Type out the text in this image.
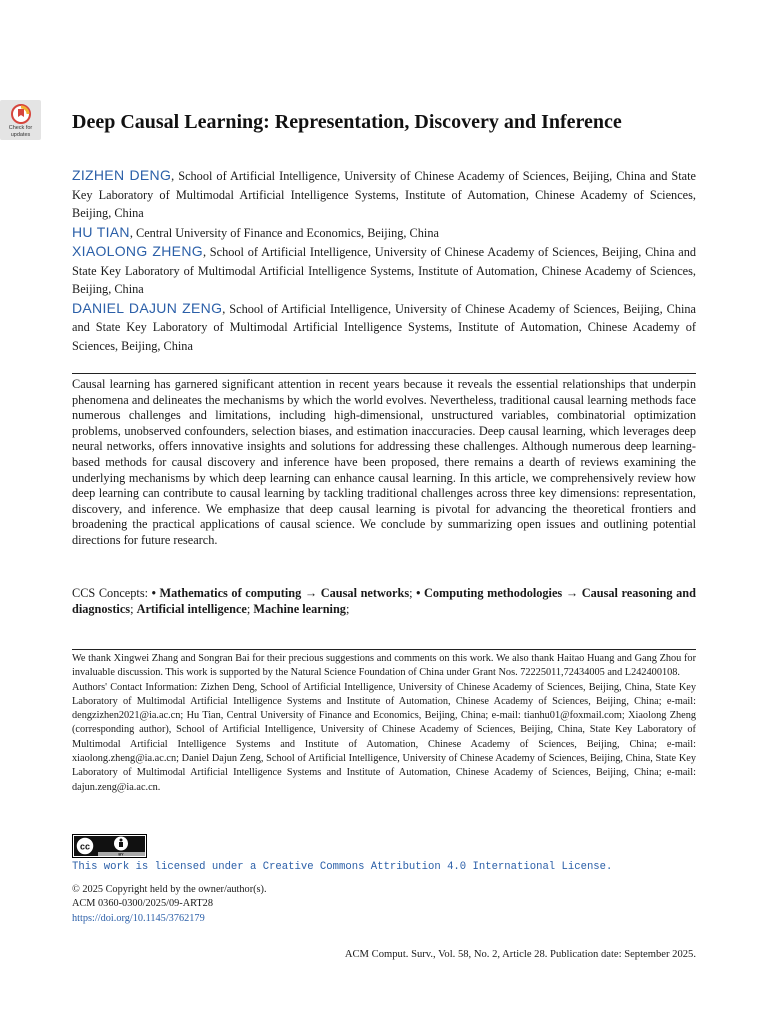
Check for
updates
Deep Causal Learning: Representation, Discovery and Inference

ZIZHEN DENG, School of Artificial Intelligence, University of Chinese Academy of Sciences, Beijing, China and State Key Laboratory of Multimodal Artificial Intelligence Systems, Institute of Automation, Chinese Academy of Sciences, Beijing, China

HU TIAN, Central University of Finance and Economics, Beijing, China

XIAOLONG ZHENG, School of Artificial Intelligence, University of Chinese Academy of Sciences, Beijing, China and State Key Laboratory of Multimodal Artificial Intelligence Systems, Institute of Automation, Chinese Academy of Sciences, Beijing, China

DANIEL DAJUN ZENG, School of Artificial Intelligence, University of Chinese Academy of Sciences, Beijing, China and State Key Laboratory of Multimodal Artificial Intelligence Systems, Institute of Automation, Chinese Academy of Sciences, Beijing, China

Causal learning has garnered significant attention in recent years because it reveals the essential relationships that underpin phenomena and delineates the mechanisms by which the world evolves. Nevertheless, traditional causal learning methods face numerous challenges and limitations, including high-dimensional, unstructured variables, combinatorial optimization problems, unobserved confounders, selection biases, and estimation inaccuracies. Deep causal learning, which leverages deep neural networks, offers innovative insights and solutions for addressing these challenges. Although numerous deep learning-based methods for causal discovery and inference have been proposed, there remains a dearth of reviews examining the underlying mechanisms by which deep learning can enhance causal learning. In this article, we comprehensively review how deep learning can contribute to causal learning by tackling traditional challenges across three key dimensions: representation, discovery, and inference. We emphasize that deep causal learning is pivotal for advancing the theoretical frontiers and broadening the practical applications of causal science. We conclude by summarizing open issues and outlining potential directions for future research.

CCS Concepts: • Mathematics of computing → Causal networks; • Computing methodologies → Causal reasoning and diagnostics; Artificial intelligence; Machine learning;

We thank Xingwei Zhang and Songran Bai for their precious suggestions and comments on this work. We also thank Haitao Huang and Gang Zhou for invaluable discussion. This work is supported by the Natural Science Foundation of China under Grant Nos. 72225011,72434005 and L242400108.

Authors' Contact Information: Zizhen Deng, School of Artificial Intelligence, University of Chinese Academy of Sciences, Beijing, China, State Key Laboratory of Multimodal Artificial Intelligence Systems and Institute of Automation, Chinese Academy of Sciences, Beijing, China; e-mail: dengzizhen2021@ia.ac.cn; Hu Tian, Central University of Finance and Economics, Beijing, China; e-mail: tianhu01@foxmail.com; Xiaolong Zheng (corresponding author), School of Artificial Intelligence, University of Chinese Academy of Sciences, Beijing, China, State Key Laboratory of Multimodal Artificial Intelligence Systems and Institute of Automation, Chinese Academy of Sciences, Beijing, China; e-mail: xiaolong.zheng@ia.ac.cn; Daniel Dajun Zeng, School of Artificial Intelligence, University of Chinese Academy of Sciences, Beijing, China, State Key Laboratory of Multimodal Artificial Intelligence Systems and Institute of Automation, Chinese Academy of Sciences, Beijing, China; e-mail: dajun.zeng@ia.ac.cn.

cc
BY
This work is licensed under a Creative Commons Attribution 4.0 International License.

© 2025 Copyright held by the owner/author(s).

ACM 0360-0300/2025/09-ART28

https://doi.org/10.1145/3762179

ACM Comput. Surv., Vol. 58, No. 2, Article 28. Publication date: September 2025.
